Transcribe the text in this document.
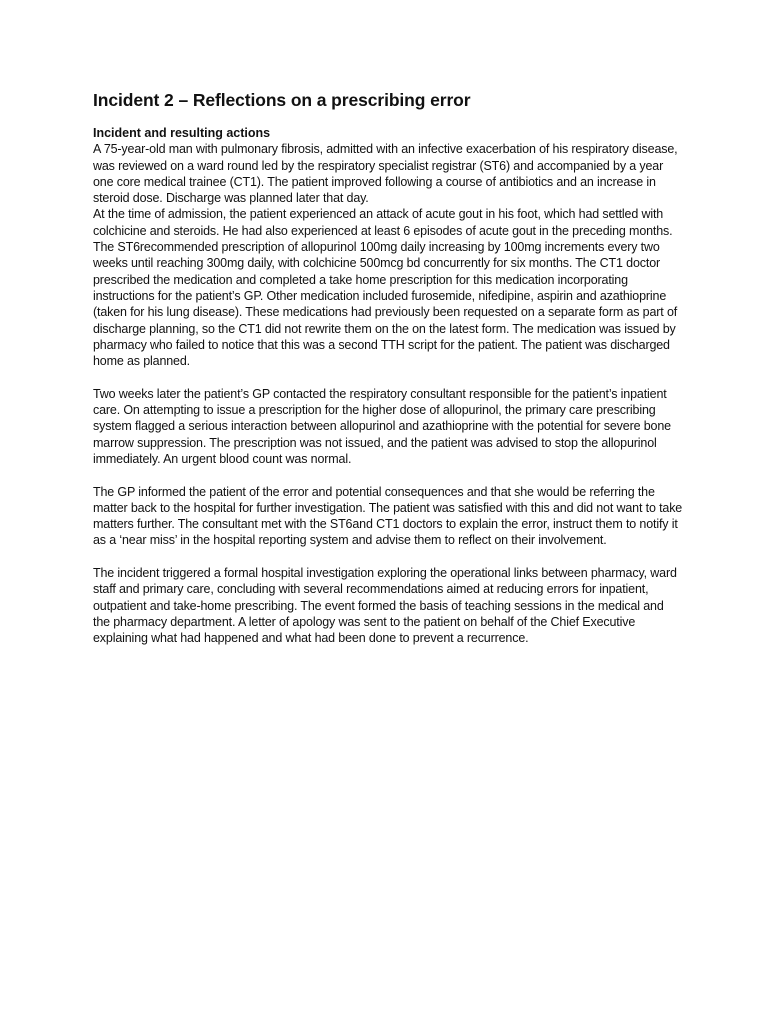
Incident 2 – Reflections on a prescribing error
Incident and resulting actions

A 75-year-old man with pulmonary fibrosis, admitted with an infective exacerbation of his respiratory disease, was reviewed on a ward round led by the respiratory specialist registrar (ST6) and accompanied by a year one core medical trainee (CT1). The patient improved following a course of antibiotics and an increase in steroid dose. Discharge was planned later that day.

At the time of admission, the patient experienced an attack of acute gout in his foot, which had settled with colchicine and steroids. He had also experienced at least 6 episodes of acute gout in the preceding months. The ST6recommended prescription of allopurinol 100mg daily increasing by 100mg increments every two weeks until reaching 300mg daily, with colchicine 500mcg bd concurrently for six months. The CT1 doctor prescribed the medication and completed a take home prescription for this medication incorporating instructions for the patient’s GP. Other medication included furosemide, nifedipine, aspirin and azathioprine (taken for his lung disease). These medications had previously been requested on a separate form as part of discharge planning, so the CT1 did not rewrite them on the on the latest form. The medication was issued by pharmacy who failed to notice that this was a second TTH script for the patient. The patient was discharged home as planned.

Two weeks later the patient’s GP contacted the respiratory consultant responsible for the patient’s inpatient care. On attempting to issue a prescription for the higher dose of allopurinol, the primary care prescribing system flagged a serious interaction between allopurinol and azathioprine with the potential for severe bone marrow suppression. The prescription was not issued, and the patient was advised to stop the allopurinol immediately. An urgent blood count was normal.

The GP informed the patient of the error and potential consequences and that she would be referring the matter back to the hospital for further investigation. The patient was satisfied with this and did not want to take matters further. The consultant met with the ST6and CT1 doctors to explain the error, instruct them to notify it as a ‘near miss’ in the hospital reporting system and advise them to reflect on their involvement.

The incident triggered a formal hospital investigation exploring the operational links between pharmacy, ward staff and primary care, concluding with several recommendations aimed at reducing errors for inpatient, outpatient and take-home prescribing. The event formed the basis of teaching sessions in the medical and the pharmacy department. A letter of apology was sent to the patient on behalf of the Chief Executive explaining what had happened and what had been done to prevent a recurrence.
